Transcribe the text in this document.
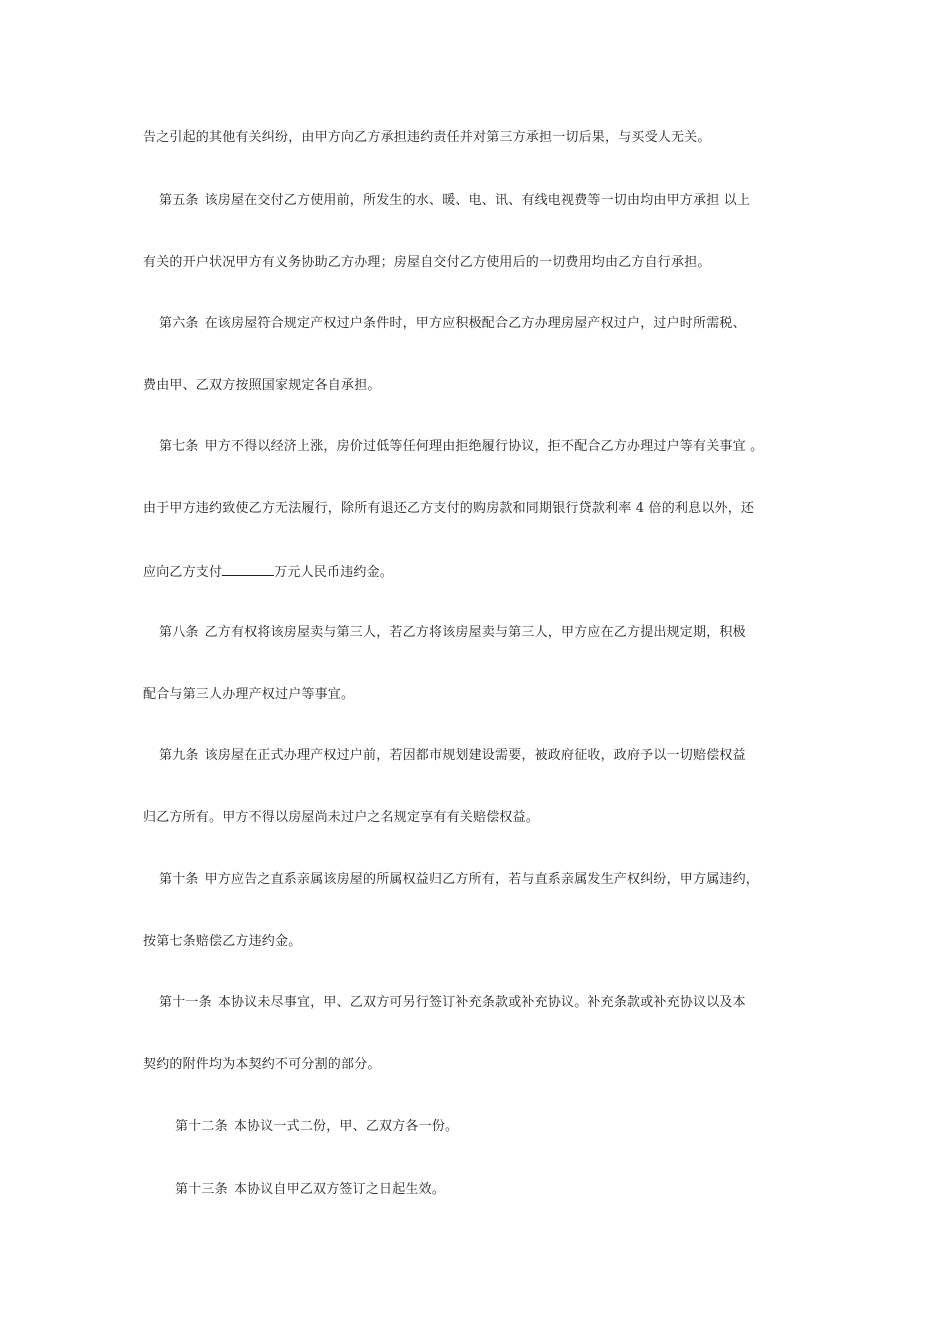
告之引起的其他有关纠纷，由甲方向乙方承担违约责任并对第三方承担一切后果，与买受人无关。
第五条 该房屋在交付乙方使用前，所发生的水、暖、电、讯、有线电视费等一切由均由甲方承担 以上
有关的开户状况甲方有义务协助乙方办理；房屋自交付乙方使用后的一切费用均由乙方自行承担。
第六条 在该房屋符合规定产权过户条件时，甲方应积极配合乙方办理房屋产权过户，过户时所需税、
费由甲、乙双方按照国家规定各自承担。
第七条 甲方不得以经济上涨，房价过低等任何理由拒绝履行协议，拒不配合乙方办理过户等有关事宜 。
由于甲方违约致使乙方无法履行，除所有退还乙方支付的购房款和同期银行贷款利率 4 倍的利息以外，还
应向乙方支付	万元人民币违约金。
第八条 乙方有权将该房屋卖与第三人，若乙方将该房屋卖与第三人，甲方应在乙方提出规定期，积极
配合与第三人办理产权过户等事宜。
第九条 该房屋在正式办理产权过户前，若因都市规划建设需要，被政府征收，政府予以一切赔偿权益
归乙方所有。甲方不得以房屋尚未过户之名规定享有有关赔偿权益。
第十条 甲方应告之直系亲属该房屋的所属权益归乙方所有，若与直系亲属发生产权纠纷，甲方属违约，
按第七条赔偿乙方违约金。
第十一条 本协议未尽事宜，甲、乙双方可另行签订补充条款或补充协议。补充条款或补充协议以及本
契约的附件均为本契约不可分割的部分。
第十二条 本协议一式二份，甲、乙双方各一份。
第十三条 本协议自甲乙双方签订之日起生效。
